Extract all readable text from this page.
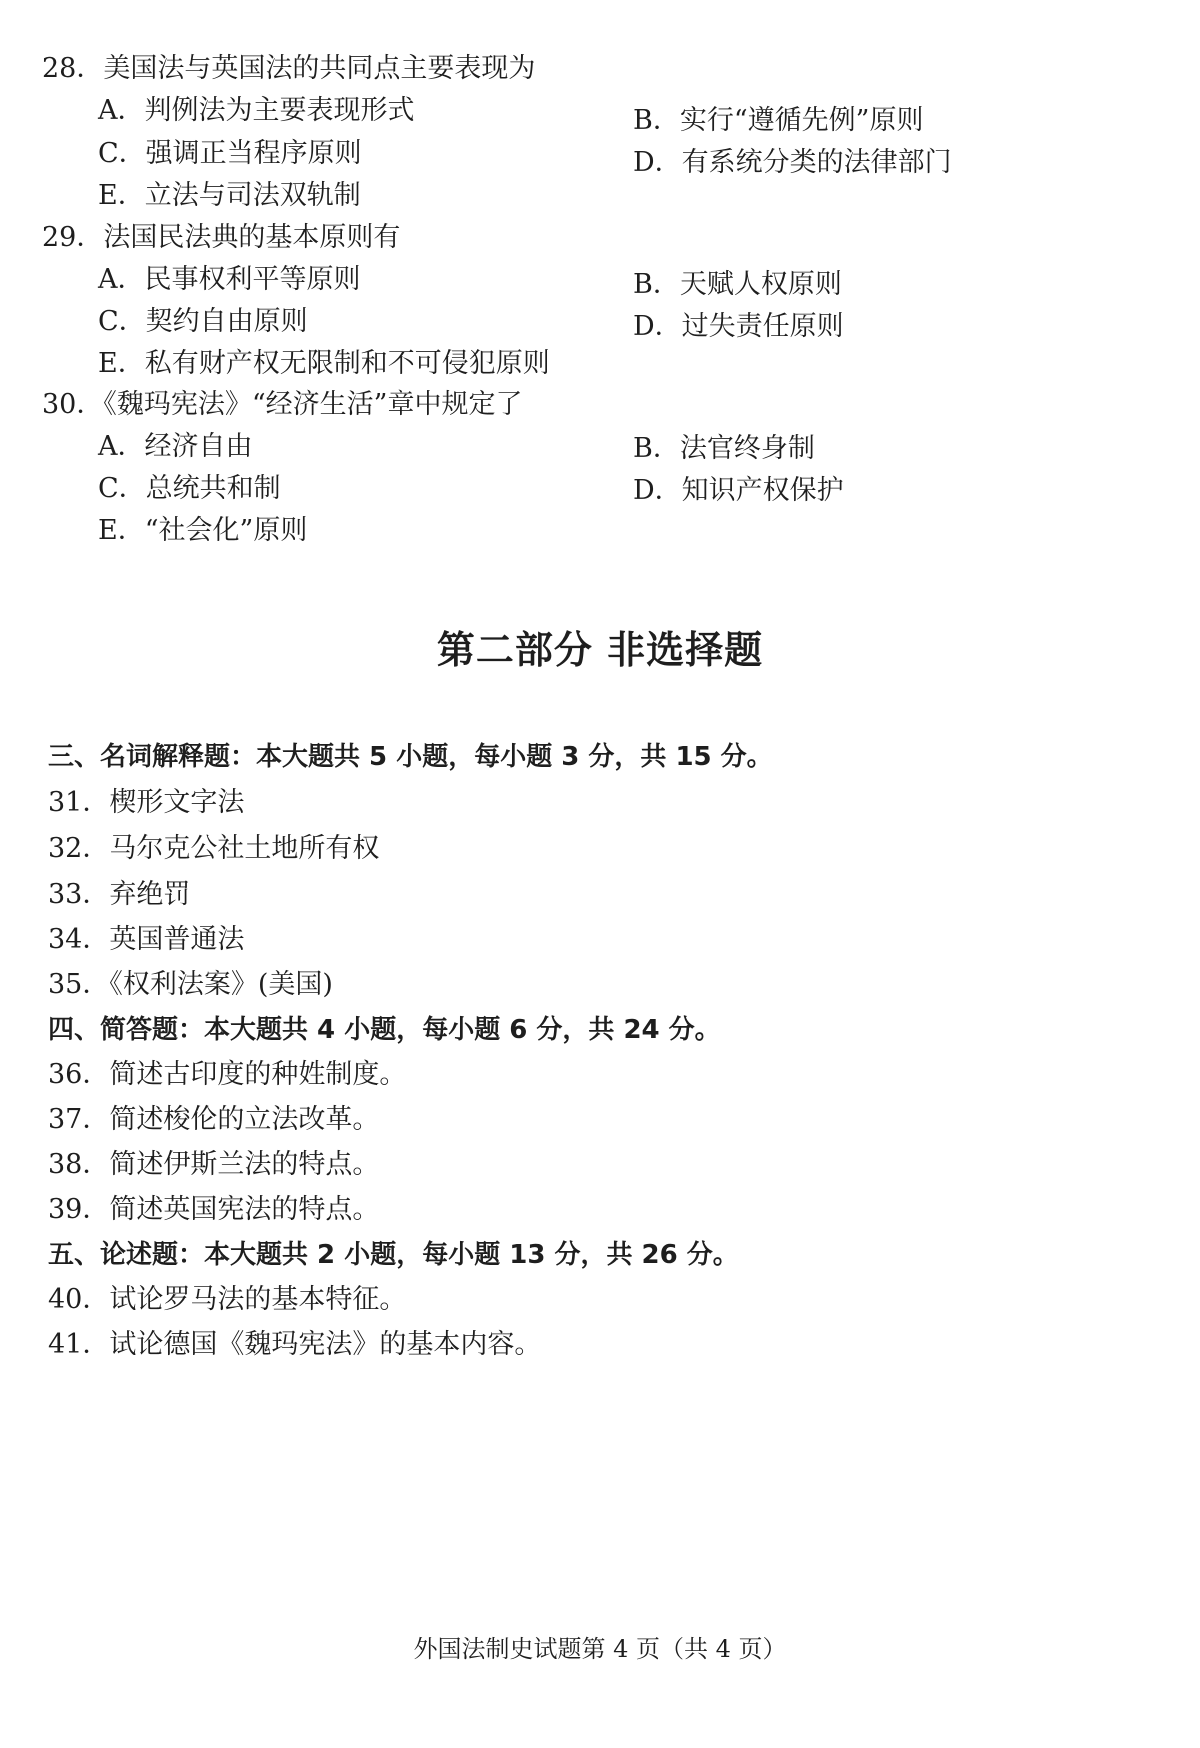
28．美国法与英国法的共同点主要表现为
A．判例法为主要表现形式	B．实行“遵循先例”原则
C．强调正当程序原则	D．有系统分类的法律部门
E．立法与司法双轨制
29．法国民法典的基本原则有
A．民事权利平等原则	B．天赋人权原则
C．契约自由原则	D．过失责任原则
E．私有财产权无限制和不可侵犯原则
30．《魏玛宪法》“经济生活”章中规定了
A．经济自由	B．法官终身制
C．总统共和制	D．知识产权保护
E．“社会化”原则
第二部分 非选择题
三、名词解释题：本大题共 5 小题，每小题 3 分，共 15 分。
31．楔形文字法
32．马尔克公社土地所有权
33．弃绝罚
34．英国普通法
35．《权利法案》(美国)
四、简答题：本大题共 4 小题，每小题 6 分，共 24 分。
36．简述古印度的种姓制度。
37．简述梭伦的立法改革。
38．简述伊斯兰法的特点。
39．简述英国宪法的特点。
五、论述题：本大题共 2 小题，每小题 13 分，共 26 分。
40．试论罗马法的基本特征。
41．试论德国《魏玛宪法》的基本内容。
外国法制史试题第 4 页（共 4 页）
